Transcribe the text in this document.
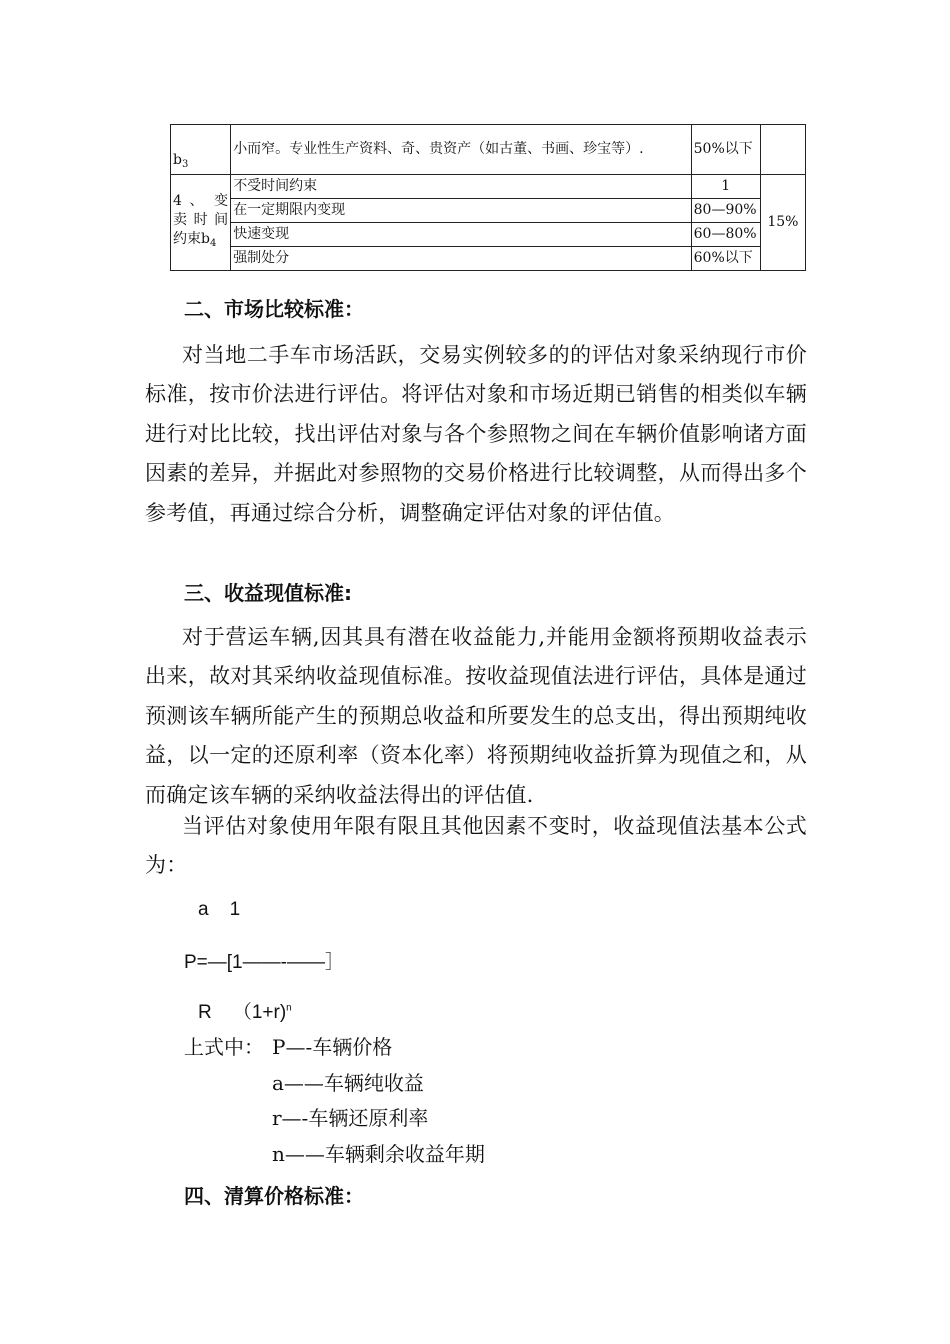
$b_3$	小而窄。专业性生产资料、奇、贵资产（如古董、书画、珍宝等）.	50%以下	

4 、 变
卖时间
约束$b_4$	不受时间约束	1	15%
	在一定期限内变现	80—90%	
	快速变现	60—80%	
	强制处分	60%以下	
二、市场比较标准：
对当地二手车市场活跃，交易实例较多的的评估对象采纳现行市价标准，按市价法进行评估。将评估对象和市场近期已销售的相类似车辆进行对比比较，找出评估对象与各个参照物之间在车辆价值影响诸方面因素的差异，并据此对参照物的交易价格进行比较调整，从而得出多个参考值，再通过综合分析，调整确定评估对象的评估值。
三、收益现值标准:
对于营运车辆,因其具有潜在收益能力,并能用金额将预期收益表示出来，故对其采纳收益现值标准。按收益现值法进行评估，具体是通过预测该车辆所能产生的预期总收益和所要发生的总支出，得出预期纯收益，以一定的还原利率（资本化率）将预期纯收益折算为现值之和，从而确定该车辆的采纳收益法得出的评估值.
当评估对象使用年限有限且其他因素不变时，收益现值法基本公式为：
a    1
P=—[1——-——］
R    （1+r)$^n$
上式中： P—-车辆价格
a——车辆纯收益
r—-车辆还原利率
n——车辆剩余收益年期
四、清算价格标准：
